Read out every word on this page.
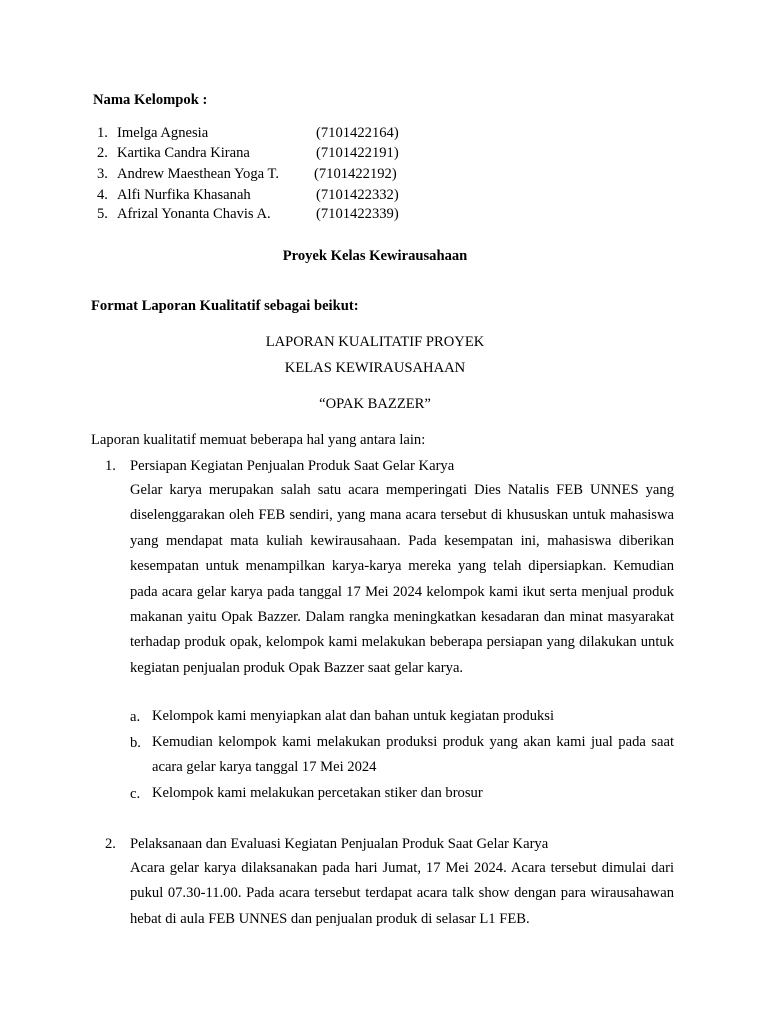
Nama Kelompok :
1. Imelga Agnesia	(7101422164)
2. Kartika Candra Kirana	(7101422191)
3. Andrew Maesthean Yoga T. (7101422192)
4. Alfi Nurfika Khasanah	(7101422332)
5. Afrizal Yonanta Chavis A.	(7101422339)
Proyek Kelas Kewirausahaan
Format Laporan Kualitatif sebagai beikut:
LAPORAN KUALITATIF PROYEK
KELAS KEWIRAUSAHAAN
“OPAK BAZZER”
Laporan kualitatif memuat beberapa hal yang antara lain:
1. Persiapan Kegiatan Penjualan Produk Saat Gelar Karya

Gelar karya merupakan salah satu acara memperingati Dies Natalis FEB UNNES yang diselenggarakan oleh FEB sendiri, yang mana acara tersebut di khususkan untuk mahasiswa yang mendapat mata kuliah kewirausahaan. Pada kesempatan ini, mahasiswa diberikan kesempatan untuk menampilkan karya-karya mereka yang telah dipersiapkan. Kemudian pada acara gelar karya pada tanggal 17 Mei 2024 kelompok kami ikut serta menjual produk makanan yaitu Opak Bazzer. Dalam rangka meningkatkan kesadaran dan minat masyarakat terhadap produk opak, kelompok kami melakukan beberapa persiapan yang dilakukan untuk kegiatan penjualan produk Opak Bazzer saat gelar karya.

a. Kelompok kami menyiapkan alat dan bahan untuk kegiatan produksi

b. Kemudian kelompok kami melakukan produksi produk yang akan kami jual pada saat acara gelar karya tanggal 17 Mei 2024

c. Kelompok kami melakukan percetakan stiker dan brosur

2. Pelaksanaan dan Evaluasi Kegiatan Penjualan Produk Saat Gelar Karya

Acara gelar karya dilaksanakan pada hari Jumat, 17 Mei 2024. Acara tersebut dimulai dari pukul 07.30-11.00. Pada acara tersebut terdapat acara talk show dengan para wirausahawan hebat di aula FEB UNNES dan penjualan produk di selasar L1 FEB.
